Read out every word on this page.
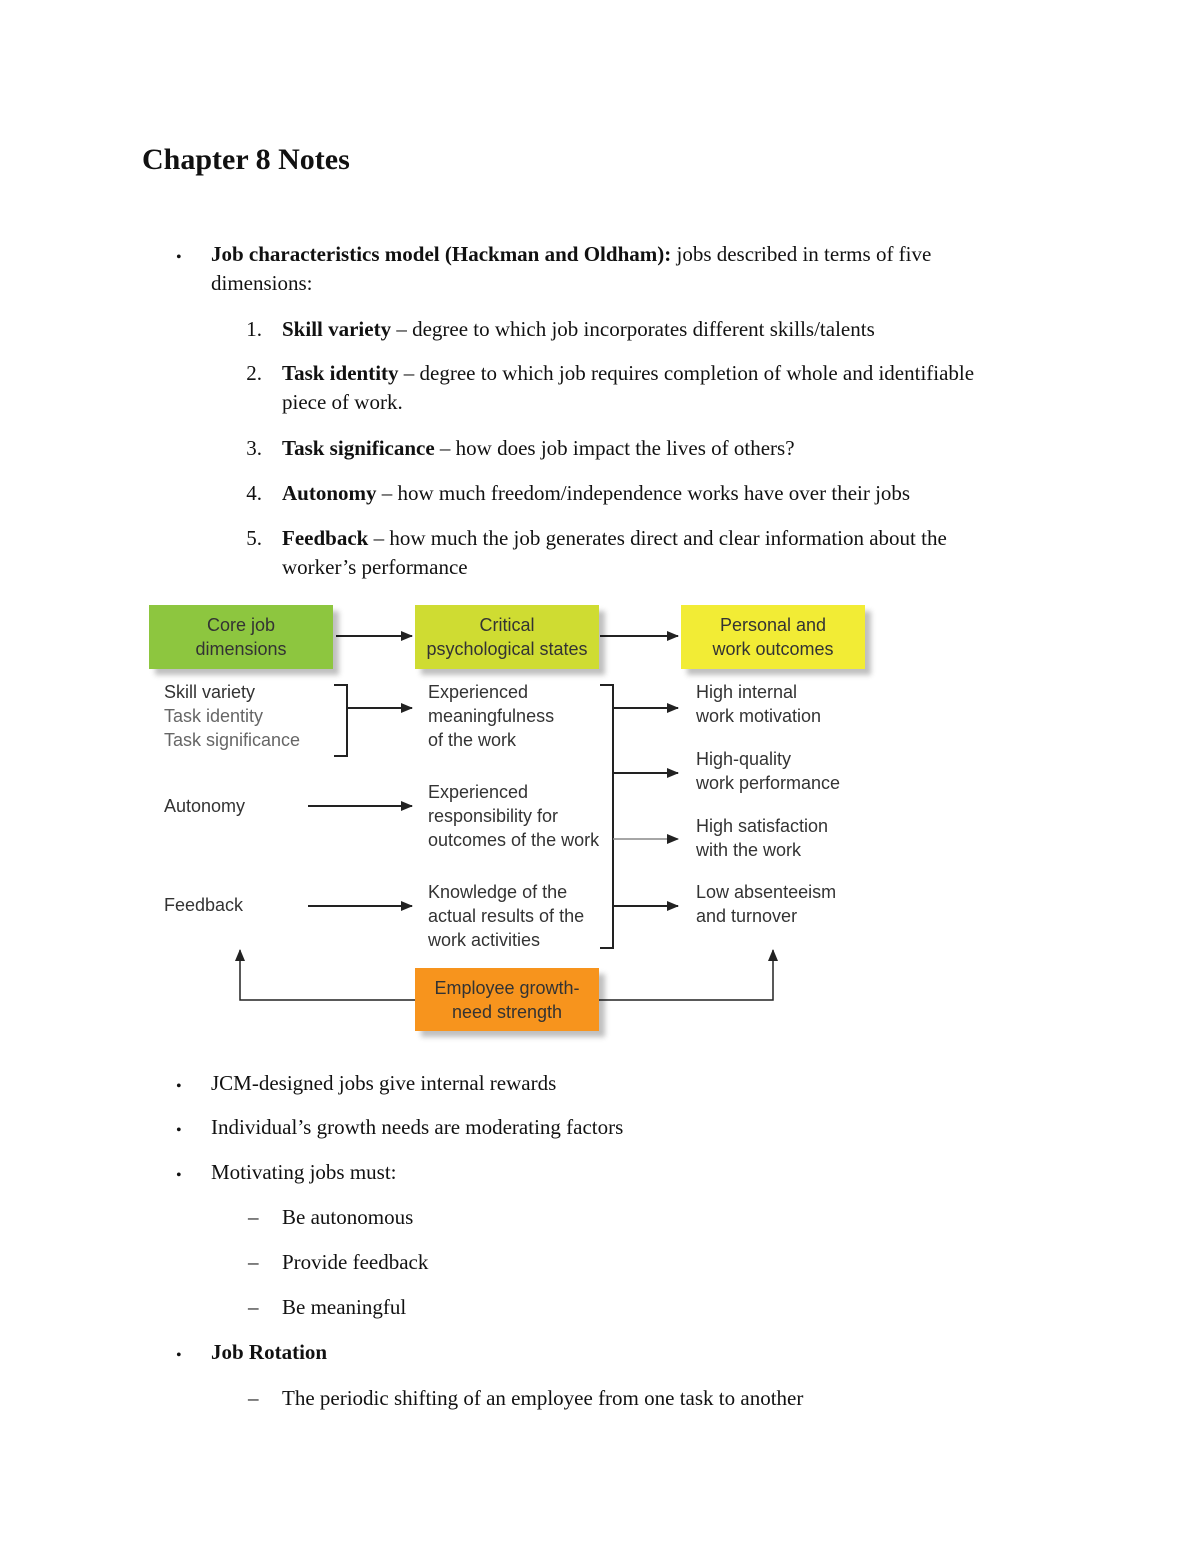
Chapter 8 Notes
• Job characteristics model (Hackman and Oldham): jobs described in terms of five
dimensions:
1. Skill variety – degree to which job incorporates different skills/talents
2. Task identity – degree to which job requires completion of whole and identifiable
piece of work.
3. Task significance – how does job impact the lives of others?
4. Autonomy – how much freedom/independence works have over their jobs
5. Feedback – how much the job generates direct and clear information about the
worker’s performance
Core job
dimensions
Critical
psychological states
Personal and
work outcomes
Employee growth-
need strength
Skill variety
Task identity
Task significance
Autonomy
Feedback
Experienced
meaningfulness
of the work
Experienced
responsibility for
outcomes of the work
Knowledge of the
actual results of the
work activities
High internal
work motivation
High-quality
work performance
High satisfaction
with the work
Low absenteeism
and turnover
• JCM-designed jobs give internal rewards
• Individual’s growth needs are moderating factors
• Motivating jobs must:
– Be autonomous
– Provide feedback
– Be meaningful
• Job Rotation
– The periodic shifting of an employee from one task to another
